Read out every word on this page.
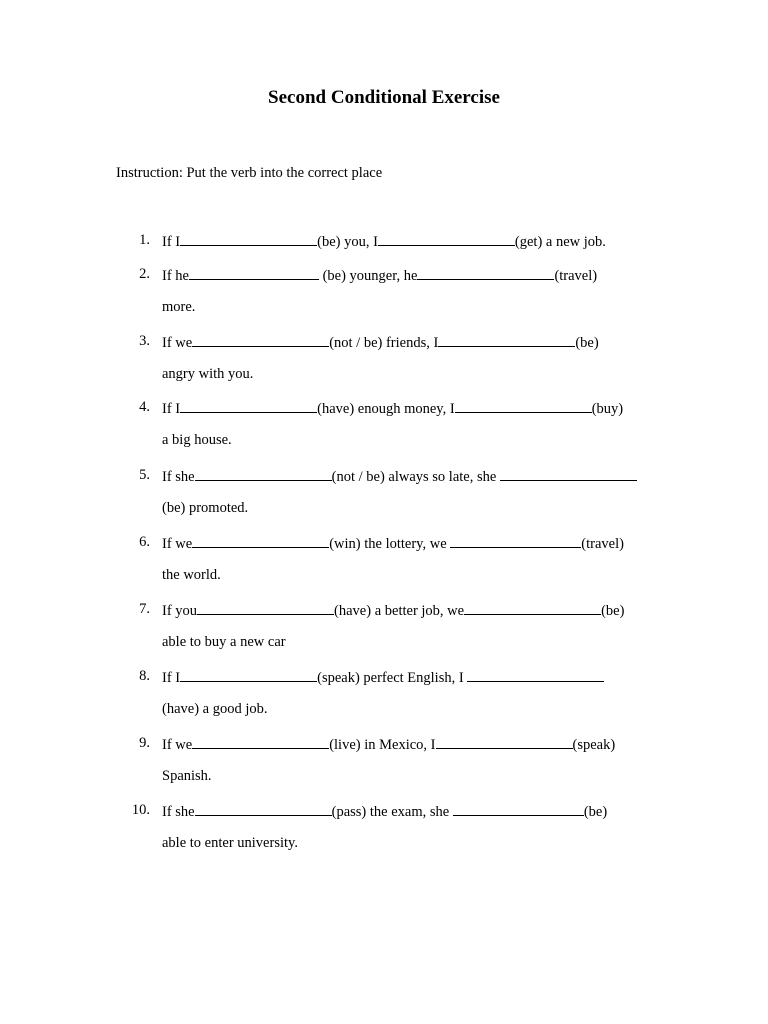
Second Conditional Exercise
Instruction: Put the verb into the correct place
1. If I	(be) you, I	(get) a new job.
2. If he	(be) younger, he	(travel)
more.
3. If we	(not / be) friends, I	(be)
angry with you.
4. If I	(have) enough money, I	(buy)
a big house.
5. If she	(not / be) always so late, she
(be) promoted.
6. If we	(win) the lottery, we	(travel)
the world.
7. If you	(have) a better job, we	(be)
able to buy a new car
8. If I	(speak) perfect English, I
(have) a good job.
9. If we	(live) in Mexico, I	(speak)
Spanish.
10. If she	(pass) the exam, she	(be)
able to enter university.
